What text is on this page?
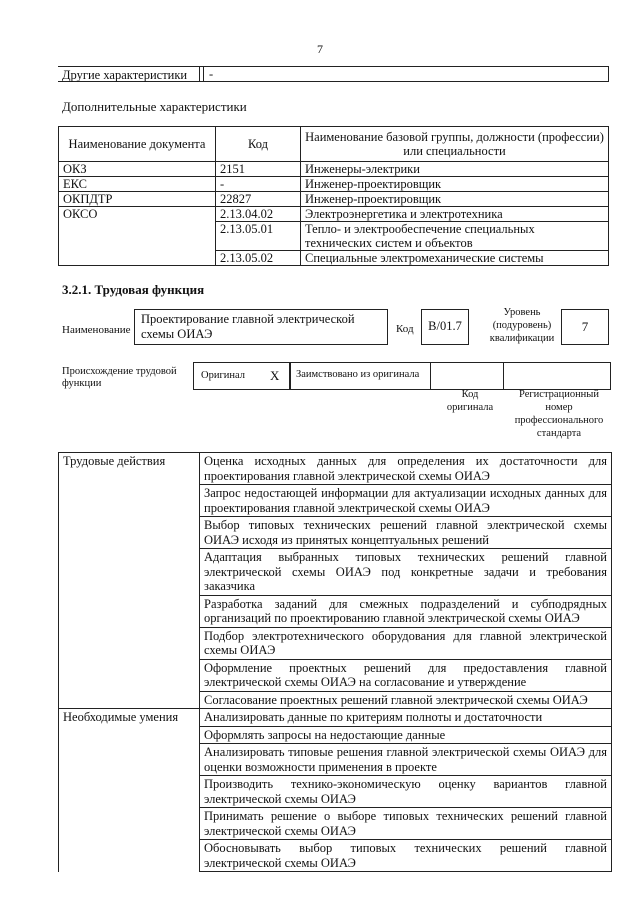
7
Другие характеристики -
Дополнительные характеристики
Наименование документа	Код	Наименование базовой группы, должности (профессии) или специальности
ОКЗ	2151	Инженеры-электрики
ЕКС	-	Инженер-проектировщик
ОКПДТР	22827	Инженер-проектировщик
ОКСО	2.13.04.02	Электроэнергетика и электротехника
	2.13.05.01	Тепло- и электрообеспечение специальных технических систем и объектов
	2.13.05.02	Специальные электромеханические системы
3.2.1. Трудовая функция
Наименование
Проектирование главной электрической схемы ОИАЭ	Код	B/01.7
Уровень (подуровень) квалификации
7
Происхождение трудовой функции
Оригинал X Заимствовано из оригинала
Код оригинала
Регистрационный номер профессионального стандарта
Трудовые действия	Оценка исходных данных для определения их достаточности для проектирования главной электрической схемы ОИАЭ
	Запрос недостающей информации для актуализации исходных данных для проектирования главной электрической схемы ОИАЭ
	Выбор типовых технических решений главной электрической схемы ОИАЭ исходя из принятых концептуальных решений
	Адаптация выбранных типовых технических решений главной электрической схемы ОИАЭ под конкретные задачи и требования заказчика
	Разработка заданий для смежных подразделений и субподрядных организаций по проектированию главной электрической схемы ОИАЭ
	Подбор электротехнического оборудования для главной электрической схемы ОИАЭ
	Оформление проектных решений для предоставления главной электрической схемы ОИАЭ на согласование и утверждение
	Согласование проектных решений главной электрической схемы ОИАЭ
Необходимые умения	Анализировать данные по критериям полноты и достаточности
	Оформлять запросы на недостающие данные
	Анализировать типовые решения главной электрической схемы ОИАЭ для оценки возможности применения в проекте
	Производить технико-экономическую оценку вариантов главной электрической схемы ОИАЭ
	Принимать решение о выборе типовых технических решений главной электрической схемы ОИАЭ
	Обосновывать выбор типовых технических решений главной электрической схемы ОИАЭ
